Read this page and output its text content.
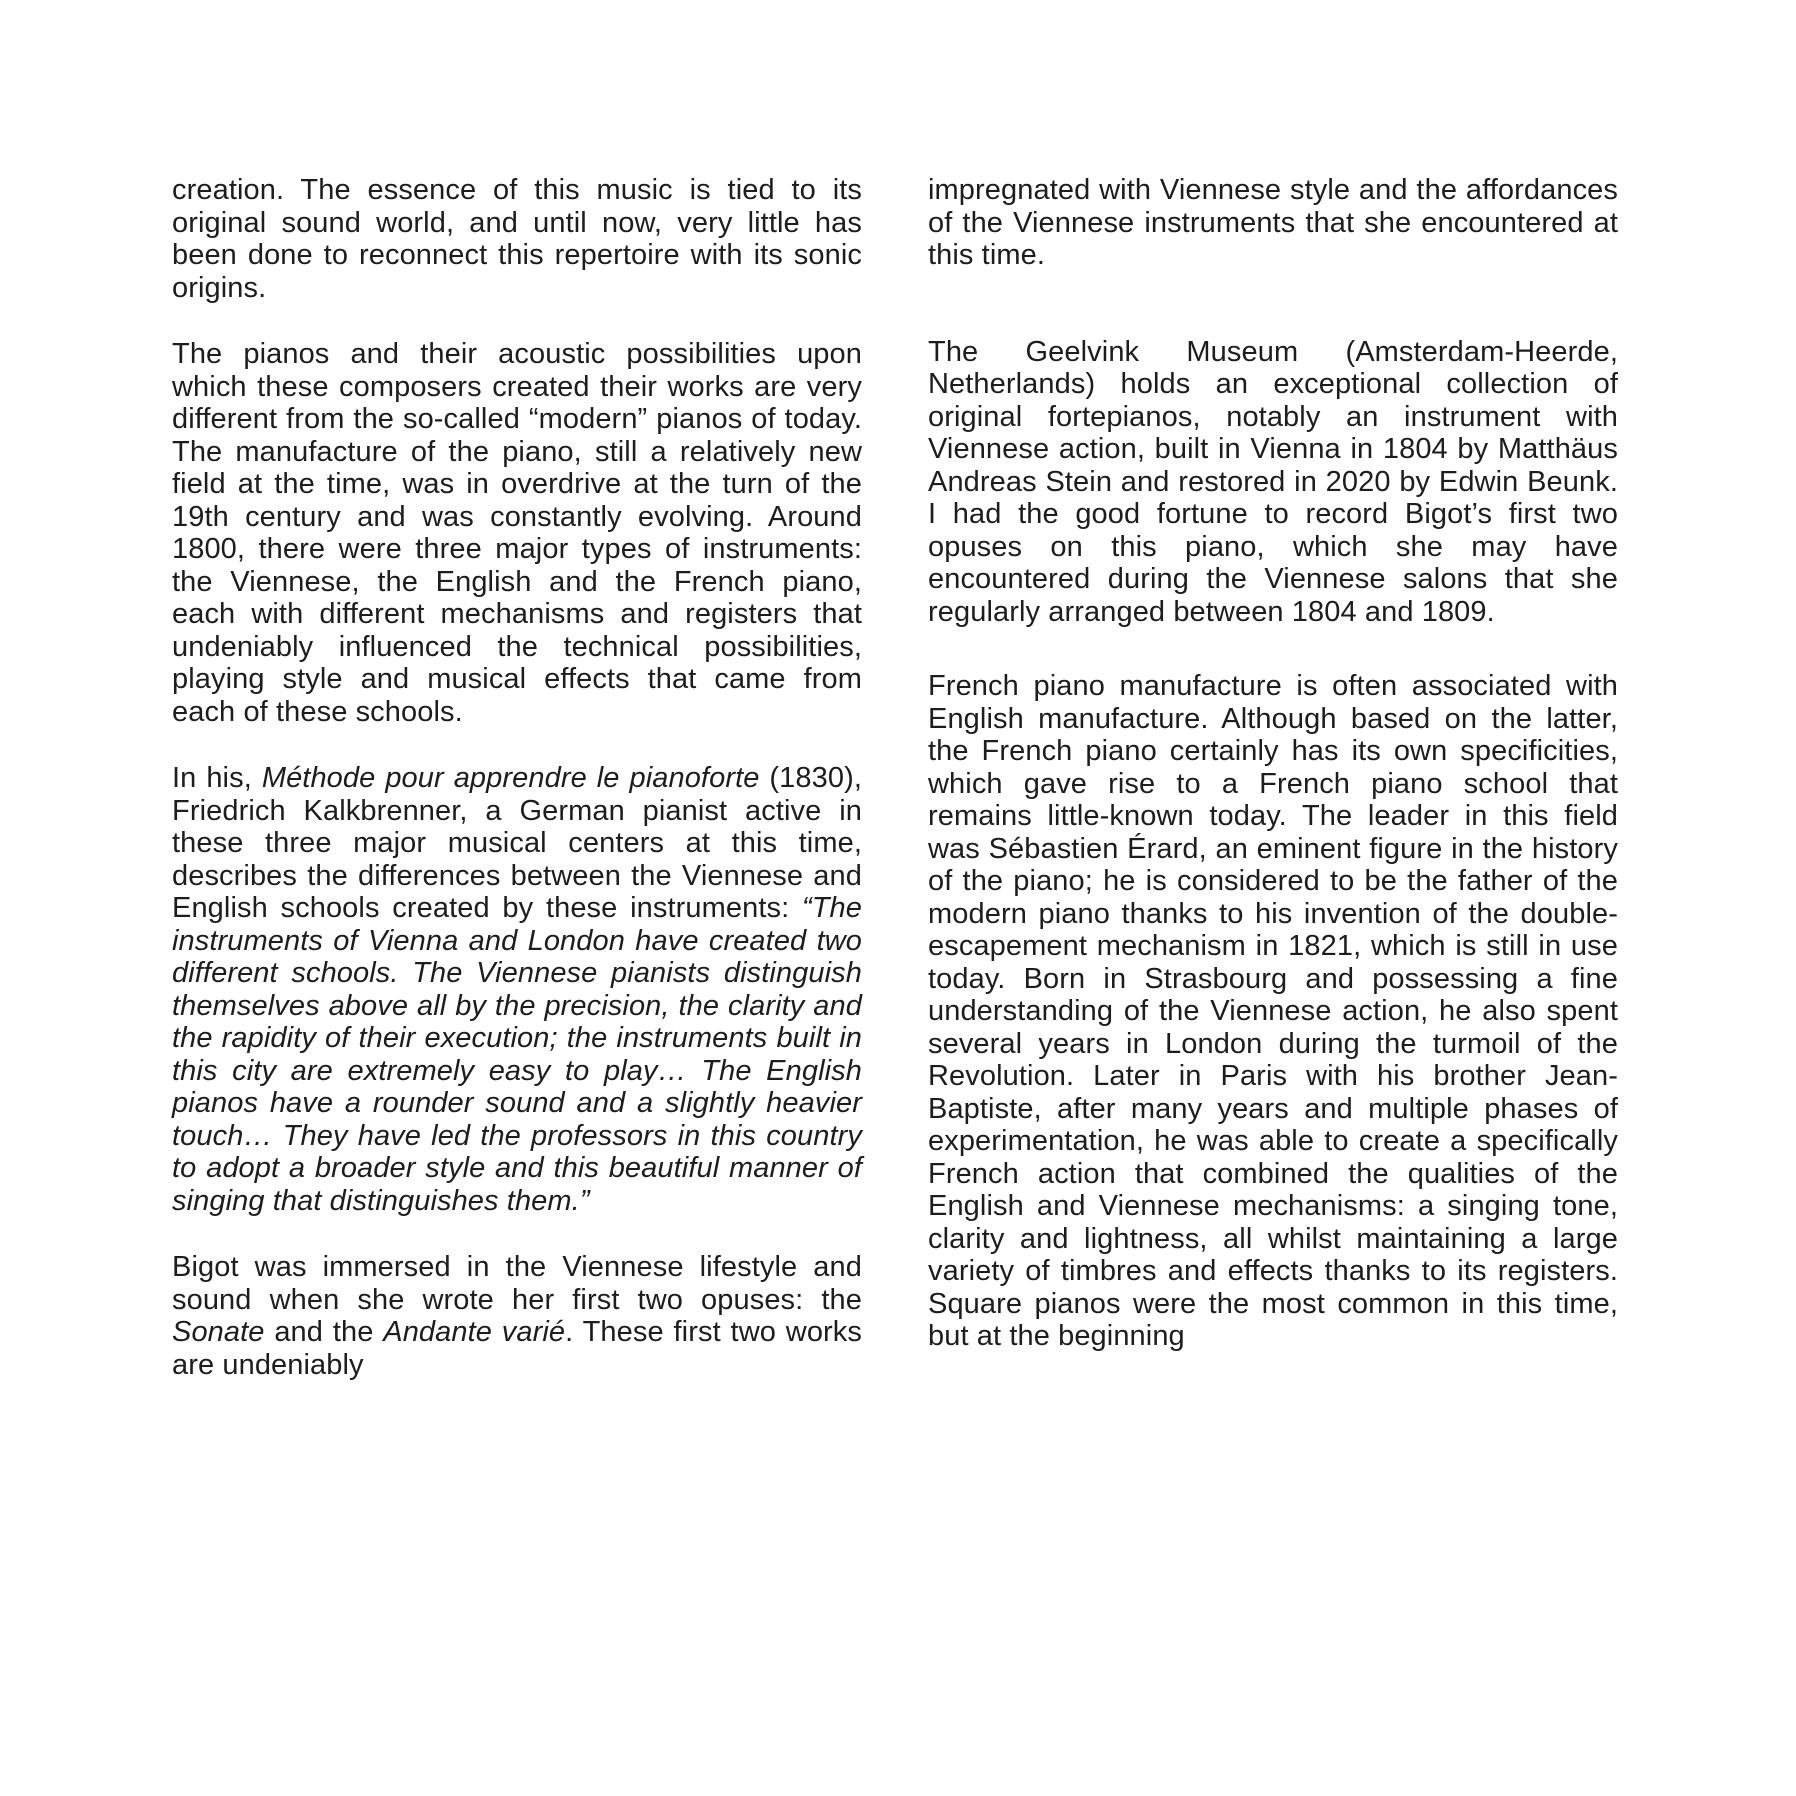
creation. The essence of this music is tied to its original sound world, and until now, very little has been done to reconnect this repertoire with its sonic origins.

The pianos and their acoustic possibilities upon which these composers created their works are very different from the so-called “modern” pianos of today. The manufacture of the piano, still a relatively new field at the time, was in overdrive at the turn of the 19th century and was constantly evolving. Around 1800, there were three major types of instruments: the Viennese, the English and the French piano, each with different mechanisms and registers that undeniably influenced the technical possibilities, playing style and musical effects that came from each of these schools.

In his, Méthode pour apprendre le pianoforte (1830), Friedrich Kalkbrenner, a German pianist active in these three major musical centers at this time, describes the differences between the Viennese and English schools created by these instruments: “The instruments of Vienna and London have created two different schools. The Viennese pianists distinguish themselves above all by the precision, the clarity and the rapidity of their execution; the instruments built in this city are extremely easy to play… The English pianos have a rounder sound and a slightly heavier touch… They have led the professors in this country to adopt a broader style and this beautiful manner of singing that distinguishes them.”

Bigot was immersed in the Viennese lifestyle and sound when she wrote her first two opuses: the Sonate and the Andante varié. These first two works are undeniably

impregnated with Viennese style and the affordances of the Viennese instruments that she encountered at this time.

The Geelvink Museum (Amsterdam-Heerde, Netherlands) holds an exceptional collection of original fortepianos, notably an instrument with Viennese action, built in Vienna in 1804 by Matthäus Andreas Stein and restored in 2020 by Edwin Beunk. I had the good fortune to record Bigot’s first two opuses on this piano, which she may have encountered during the Viennese salons that she regularly arranged between 1804 and 1809.

French piano manufacture is often associated with English manufacture. Although based on the latter, the French piano certainly has its own specificities, which gave rise to a French piano school that remains little-known today. The leader in this field was Sébastien Érard, an eminent figure in the history of the piano; he is considered to be the father of the modern piano thanks to his invention of the double-escapement mechanism in 1821, which is still in use today. Born in Strasbourg and possessing a fine understanding of the Viennese action, he also spent several years in London during the turmoil of the Revolution. Later in Paris with his brother Jean-Baptiste, after many years and multiple phases of experimentation, he was able to create a specifically French action that combined the qualities of the English and Viennese mechanisms: a singing tone, clarity and lightness, all whilst maintaining a large variety of timbres and effects thanks to its registers. Square pianos were the most common in this time, but at the beginning
